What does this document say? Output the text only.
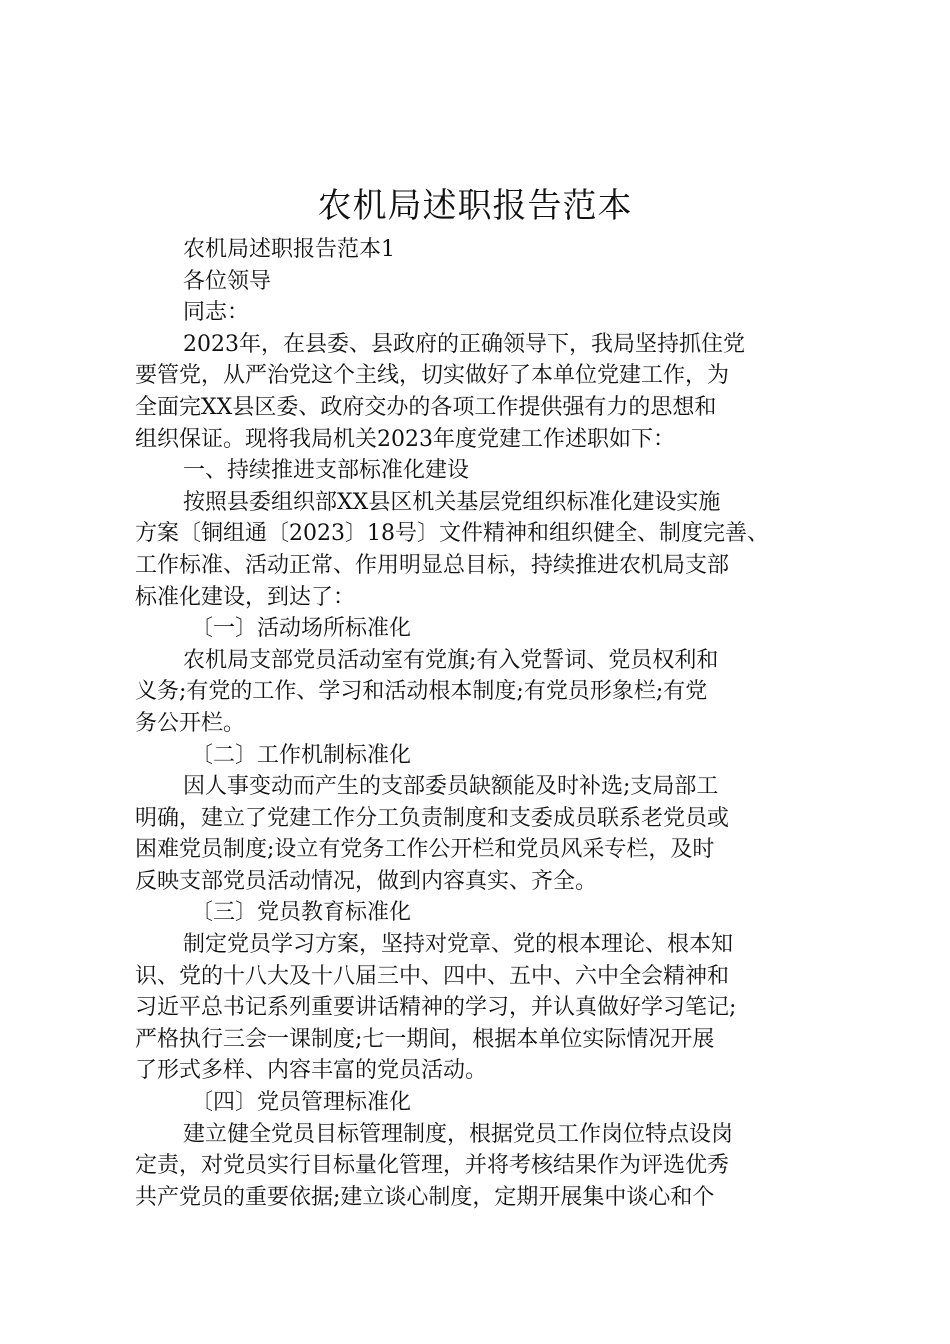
农机局述职报告范本

农机局述职报告范本1

各位领导

同志：

2023年，在县委、县政府的正确领导下，我局坚持抓住党
要管党，从严治党这个主线，切实做好了本单位党建工作，为
全面完XX县区委、政府交办的各项工作提供强有力的思想和
组织保证。现将我局机关2023年度党建工作述职如下：

一、持续推进支部标准化建设

按照县委组织部XX县区机关基层党组织标准化建设实施
方案〔铜组通〔2023〕18号〕文件精神和组织健全、制度完善、
工作标准、活动正常、作用明显总目标，持续推进农机局支部
标准化建设，到达了：

〔一〕活动场所标准化

农机局支部党员活动室有党旗;有入党誓词、党员权利和
义务;有党的工作、学习和活动根本制度;有党员形象栏;有党
务公开栏。

〔二〕工作机制标准化

因人事变动而产生的支部委员缺额能及时补选;支局部工
明确，建立了党建工作分工负责制度和支委成员联系老党员或
困难党员制度;设立有党务工作公开栏和党员风采专栏，及时
反映支部党员活动情况，做到内容真实、齐全。

〔三〕党员教育标准化

制定党员学习方案，坚持对党章、党的根本理论、根本知
识、党的十八大及十八届三中、四中、五中、六中全会精神和
习近平总书记系列重要讲话精神的学习，并认真做好学习笔记;
严格执行三会一课制度;七一期间，根据本单位实际情况开展
了形式多样、内容丰富的党员活动。

〔四〕党员管理标准化

建立健全党员目标管理制度，根据党员工作岗位特点设岗
定责，对党员实行目标量化管理，并将考核结果作为评选优秀
共产党员的重要依据;建立谈心制度，定期开展集中谈心和个
